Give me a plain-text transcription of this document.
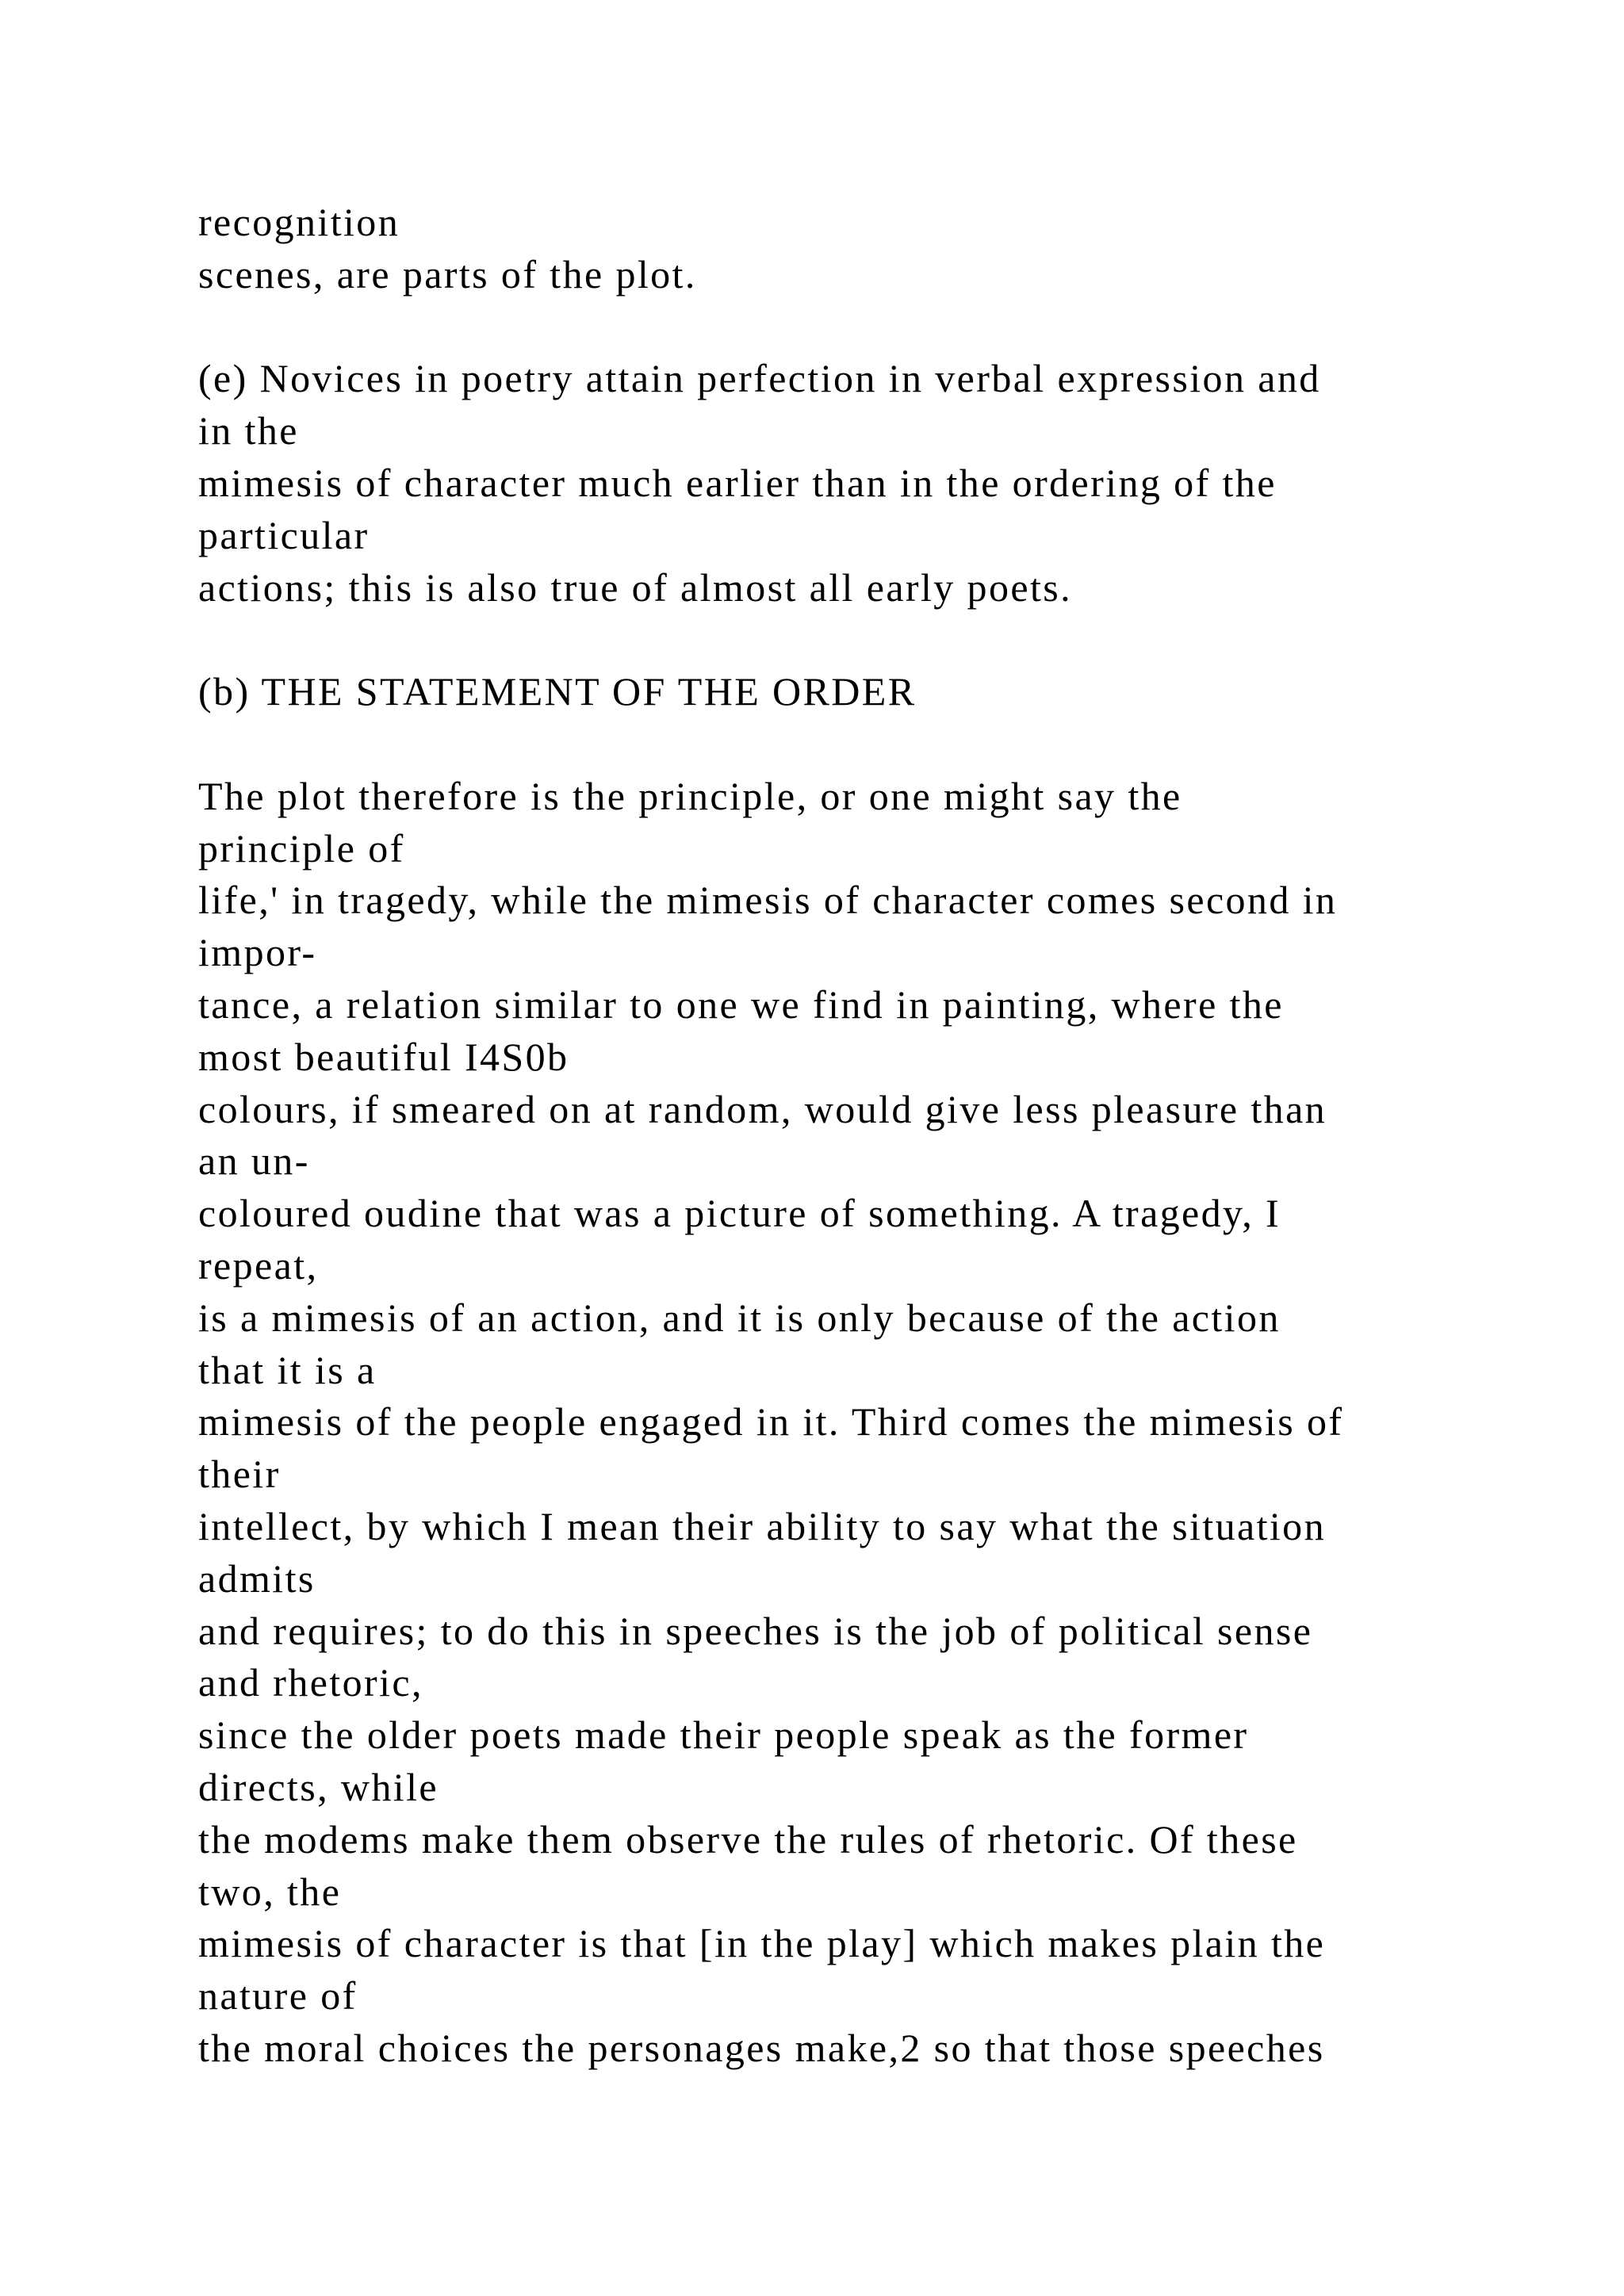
recognition
scenes, are parts of the plot.
(e) Novices in poetry attain perfection in verbal expression and
in the
mimesis of character much earlier than in the ordering of the
particular
actions; this is also true of almost all early poets.
(b) THE STATEMENT OF THE ORDER
The plot therefore is the principle, or one might say the
principle of
life,' in tragedy, while the mimesis of character comes second in
impor-
tance, a relation similar to one we find in painting, where the
most beautiful I4S0b
colours, if smeared on at random, would give less pleasure than
an un-
coloured oudine that was a picture of something. A tragedy, I
repeat,
is a mimesis of an action, and it is only because of the action
that it is a
mimesis of the people engaged in it. Third comes the mimesis of
their
intellect, by which I mean their ability to say what the situation
admits
and requires; to do this in speeches is the job of political sense
and rhetoric,
since the older poets made their people speak as the former
directs, while
the modems make them observe the rules of rhetoric. Of these
two, the
mimesis of character is that [in the play] which makes plain the
nature of
the moral choices the personages make,2 so that those speeches
